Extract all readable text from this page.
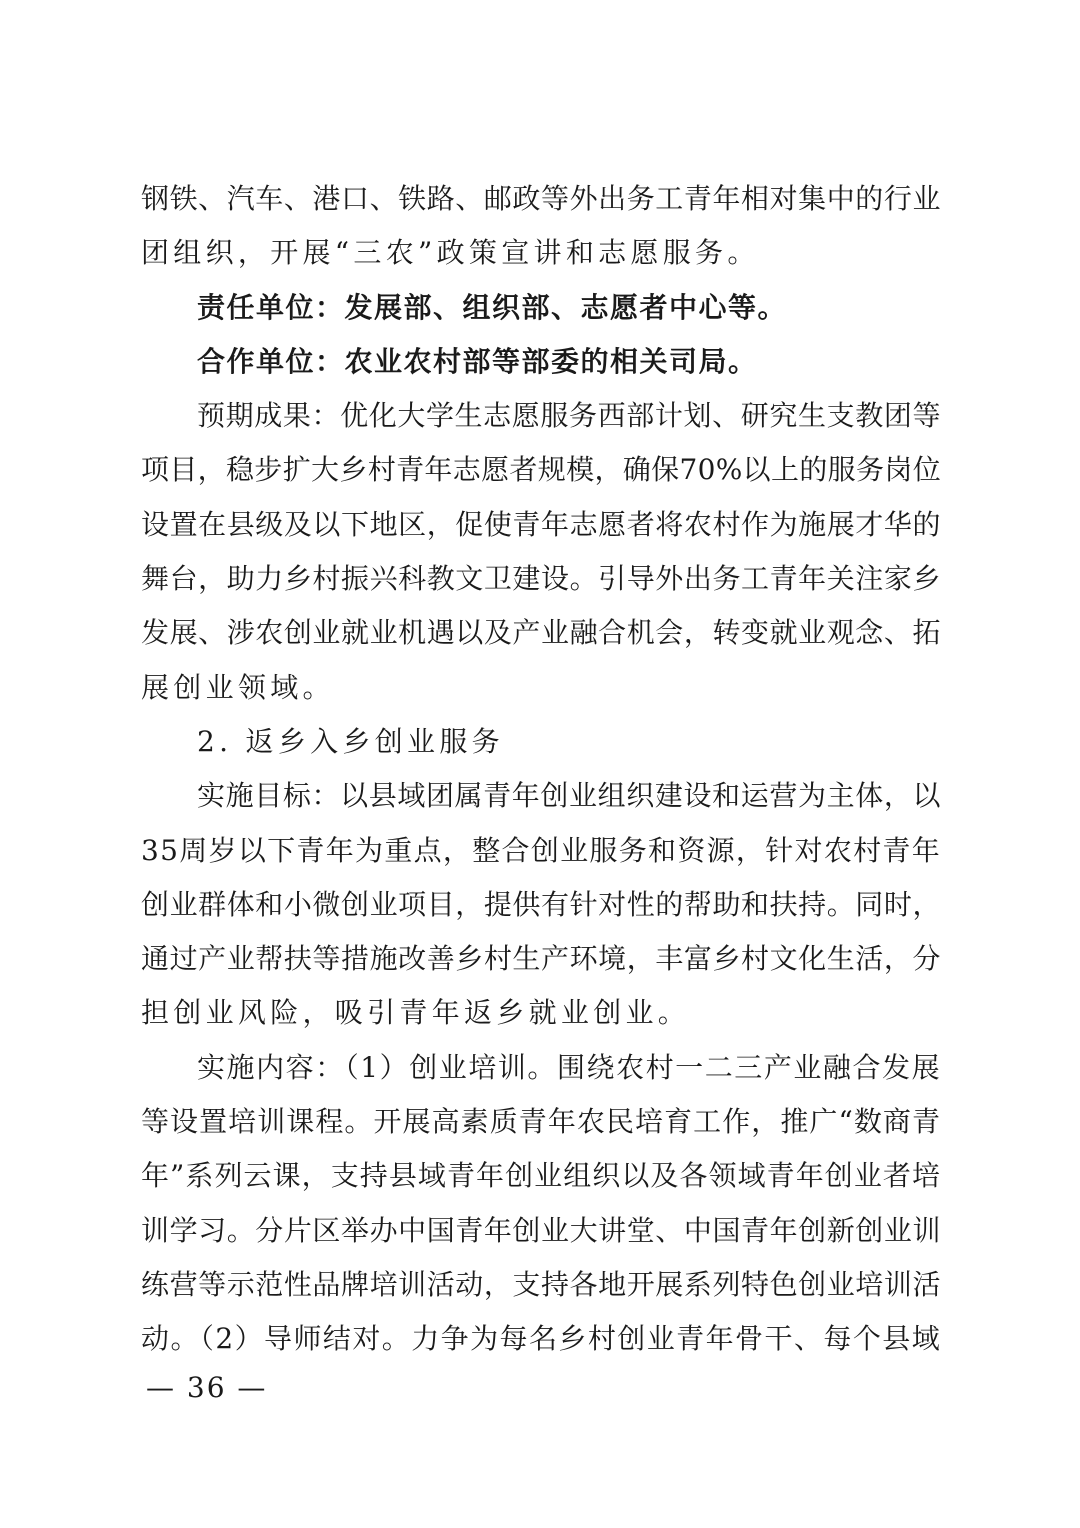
钢铁、汽车、港口、铁路、邮政等外出务工青年相对集中的行业
团组织，开展“三农”政策宣讲和志愿服务。
责任单位：发展部、组织部、志愿者中心等。
合作单位：农业农村部等部委的相关司局。
预期成果：优化大学生志愿服务西部计划、研究生支教团等
项目，稳步扩大乡村青年志愿者规模，确保70%以上的服务岗位
设置在县级及以下地区，促使青年志愿者将农村作为施展才华的
舞台，助力乡村振兴科教文卫建设。引导外出务工青年关注家乡
发展、涉农创业就业机遇以及产业融合机会，转变就业观念、拓
展创业领域。
2. 返乡入乡创业服务
实施目标：以县域团属青年创业组织建设和运营为主体，以
35周岁以下青年为重点，整合创业服务和资源，针对农村青年
创业群体和小微创业项目，提供有针对性的帮助和扶持。同时，
通过产业帮扶等措施改善乡村生产环境，丰富乡村文化生活，分
担创业风险，吸引青年返乡就业创业。
实施内容：（1）创业培训。围绕农村一二三产业融合发展
等设置培训课程。开展高素质青年农民培育工作，推广“数商青
年”系列云课，支持县域青年创业组织以及各领域青年创业者培
训学习。分片区举办中国青年创业大讲堂、中国青年创新创业训
练营等示范性品牌培训活动，支持各地开展系列特色创业培训活
动。（2）导师结对。力争为每名乡村创业青年骨干、每个县域
— 36 —
